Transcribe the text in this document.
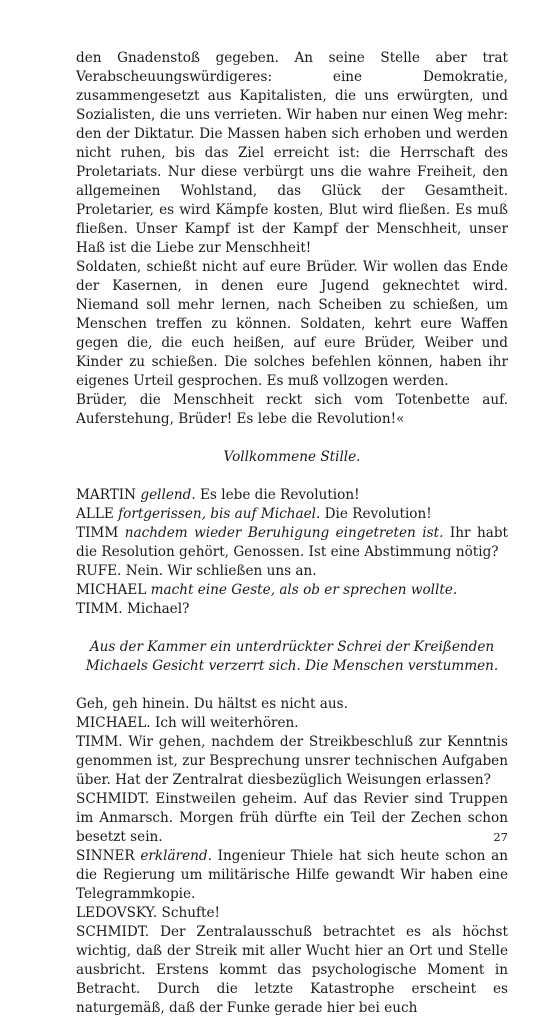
den Gnadenstoß gegeben. An seine Stelle aber trat Verabscheuungswürdigeres: eine Demokratie, zusammengesetzt aus Kapitalisten, die uns erwürgten, und Sozialisten, die uns verrieten. Wir haben nur einen Weg mehr: den der Diktatur. Die Massen haben sich erhoben und werden nicht ruhen, bis das Ziel erreicht ist: die Herrschaft des Proletariats. Nur diese verbürgt uns die wahre Freiheit, den allgemeinen Wohlstand, das Glück der Gesamtheit. Proletarier, es wird Kämpfe kosten, Blut wird fließen. Es muß fließen. Unser Kampf ist der Kampf der Menschheit, unser Haß ist die Liebe zur Menschheit!

Soldaten, schießt nicht auf eure Brüder. Wir wollen das Ende der Kasernen, in denen eure Jugend geknechtet wird. Niemand soll mehr lernen, nach Scheiben zu schießen, um Menschen treffen zu können. Soldaten, kehrt eure Waffen gegen die, die euch heißen, auf eure Brüder, Weiber und Kinder zu schießen. Die solches befehlen können, haben ihr eigenes Urteil gesprochen. Es muß vollzogen werden.

Brüder, die Menschheit reckt sich vom Totenbette auf. Auferstehung, Brüder! Es lebe die Revolution!«

Vollkommene Stille.

MARTIN gellend. Es lebe die Revolution!

ALLE fortgerissen, bis auf Michael. Die Revolution!

TIMM nachdem wieder Beruhigung eingetreten ist. Ihr habt die Resolution gehört, Genossen. Ist eine Abstimmung nötig?

RUFE. Nein. Wir schließen uns an.

MICHAEL macht eine Geste, als ob er sprechen wollte.

TIMM. Michael?

Aus der Kammer ein unterdrückter Schrei der Kreißenden Michaels Gesicht verzerrt sich. Die Menschen verstummen.

Geh, geh hinein. Du hältst es nicht aus.

MICHAEL. Ich will weiterhören.

TIMM. Wir gehen, nachdem der Streikbeschluß zur Kenntnis genommen ist, zur Besprechung unsrer technischen Aufgaben über. Hat der Zentralrat diesbezüglich Weisungen erlassen?

SCHMIDT. Einstweilen geheim. Auf das Revier sind Truppen im Anmarsch. Morgen früh dürfte ein Teil der Zechen schon besetzt sein.

SINNER erklärend. Ingenieur Thiele hat sich heute schon an die Regierung um militärische Hilfe gewandt Wir haben eine Telegrammkopie.

LEDOVSKY. Schufte!

SCHMIDT. Der Zentralausschuß betrachtet es als höchst wichtig, daß der Streik mit aller Wucht hier an Ort und Stelle ausbricht. Erstens kommt das psychologische Moment in Betracht. Durch die letzte Katastrophe erscheint es naturgemäß, daß der Funke gerade hier bei euch

27
